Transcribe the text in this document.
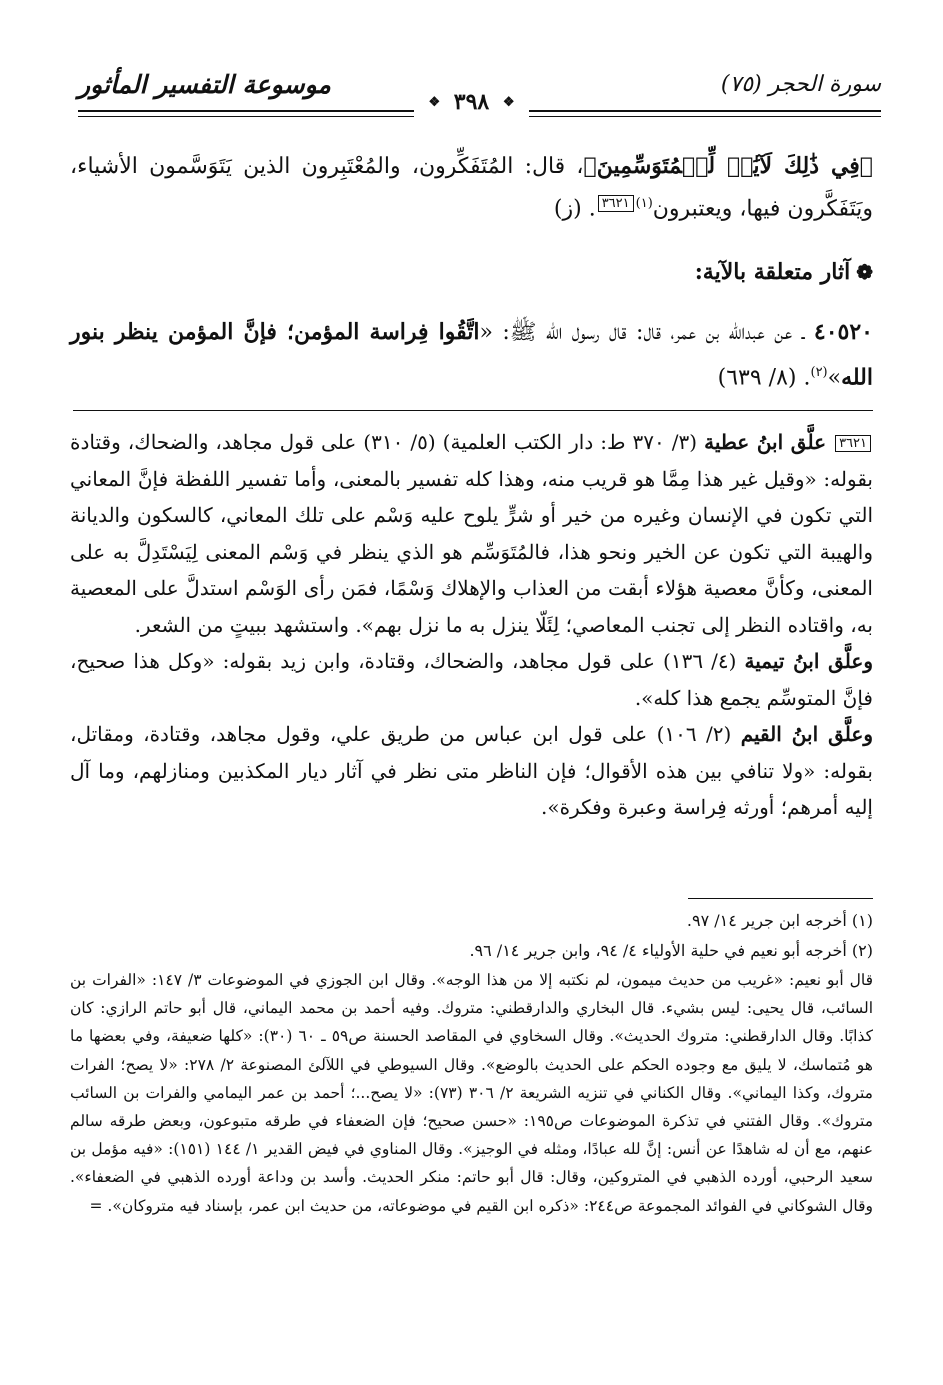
سورة الحجر (٧٥)
موسوعة التفسير المأثور
❖ ٣٩٨ ❖
﴿فِي ذَٰلِكَ لَآيَٰتٖ لِّلۡمُتَوَسِّمِينَ﴾، قال: المُتَفَكِّرون، والمُعْتَبِرون الذين يَتَوَسَّمون الأشياء، ويَتَفَكَّرون فيها، ويعتبرون$^{(١)}$٣٦٢١. (ز)
❁آثار متعلقة بالآية:
٤٠٥٢٠ ـ عن عبدالله بن عمر، قال: قال رسول الله ﷺ: «اتَّقُوا فِراسة المؤمن؛ فإنَّ المؤمن ينظر بنور الله»$^{(٢)}$. (٨/ ٦٣٩)

٣٦٢١ علَّق ابنُ عطية (٣/ ٣٧٠ ط: دار الكتب العلمية) (٥/ ٣١٠) على قول مجاهد، والضحاك، وقتادة بقوله: «وقيل غير هذا مِمَّا هو قريب منه، وهذا كله تفسير بالمعنى، وأما تفسير اللفظة فإنَّ المعاني التي تكون في الإنسان وغيره من خير أو شرٍّ يلوح عليه وَسْم على تلك المعاني، كالسكون والديانة والهيبة التي تكون عن الخير ونحو هذا، فالمُتَوَسِّم هو الذي ينظر في وَسْم المعنى لِيَسْتَدِلَّ به على المعنى، وكأنَّ معصية هؤلاء أبقت من العذاب والإهلاك وَسْمًا، فمَن رأى الوَسْم استدلَّ على المعصية به، واقتاده النظر إلى تجنب المعاصي؛ لِئَلّا ينزل به ما نزل بهم». واستشهد ببيتٍ من الشعر.

وعلَّق ابنُ تيمية (٤/ ١٣٦) على قول مجاهد، والضحاك، وقتادة، وابن زيد بقوله: «وكل هذا صحيح، فإنَّ المتوسِّم يجمع هذا كله».

وعلَّق ابنُ القيم (٢/ ١٠٦) على قول ابن عباس من طريق علي، وقول مجاهد، وقتادة، ومقاتل، بقوله: «ولا تنافي بين هذه الأقوال؛ فإن الناظر متى نظر في آثار ديار المكذبين ومنازلهم، وما آل إليه أمرهم؛ أورثه فِراسة وعبرة وفكرة».

(١) أخرجه ابن جرير ١٤/ ٩٧.

(٢) أخرجه أبو نعيم في حلية الأولياء ٤/ ٩٤، وابن جرير ١٤/ ٩٦.

قال أبو نعيم: «غريب من حديث ميمون، لم نكتبه إلا من هذا الوجه». وقال ابن الجوزي في الموضوعات ٣/ ١٤٧: «الفرات بن السائب، قال يحيى: ليس بشيء. قال البخاري والدارقطني: متروك. وفيه أحمد بن محمد اليماني، قال أبو حاتم الرازي: كان كذابًا. وقال الدارقطني: متروك الحديث». وقال السخاوي في المقاصد الحسنة ص٥٩ ـ ٦٠ (٣٠): «كلها ضعيفة، وفي بعضها ما هو مُتماسك، لا يليق مع وجوده الحكم على الحديث بالوضع». وقال السيوطي في اللآلئ المصنوعة ٢/ ٢٧٨: «لا يصح؛ الفرات متروك، وكذا اليماني». وقال الكناني في تنزيه الشريعة ٢/ ٣٠٦ (٧٣): «لا يصح...؛ أحمد بن عمر اليمامي والفرات بن السائب متروك». وقال الفتني في تذكرة الموضوعات ص١٩٥: «حسن صحيح؛ فإن الضعفاء في طرقه متبوعون، وبعض طرقه سالم عنهم، مع أن له شاهدًا عن أنس: إنَّ لله عبادًا، ومثله في الوجيز». وقال المناوي في فيض القدير ١/ ١٤٤ (١٥١): «فيه مؤمل بن سعيد الرحبي، أورده الذهبي في المتروكين، وقال: قال أبو حاتم: منكر الحديث. وأسد بن وداعة أورده الذهبي في الضعفاء». وقال الشوكاني في الفوائد المجموعة ص٢٤٤: «ذكره ابن القيم في موضوعاته، من حديث ابن عمر، بإسناد فيه متروكان». =
